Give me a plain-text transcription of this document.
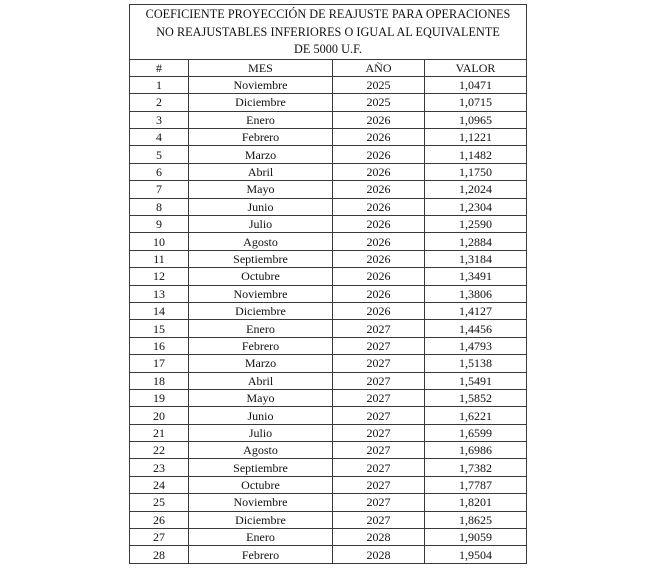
COEFICIENTE PROYECCIÓN DE REAJUSTE PARA OPERACIONES
NO REAJUSTABLES INFERIORES O IGUAL AL EQUIVALENTE
DE 5000 U.F.			

#	MES	AÑO	VALOR
1	Noviembre	2025	1,0471
2	Diciembre	2025	1,0715
3	Enero	2026	1,0965
4	Febrero	2026	1,1221
5	Marzo	2026	1,1482
6	Abril	2026	1,1750
7	Mayo	2026	1,2024
8	Junio	2026	1,2304
9	Julio	2026	1,2590
10	Agosto	2026	1,2884
11	Septiembre	2026	1,3184
12	Octubre	2026	1,3491
13	Noviembre	2026	1,3806
14	Diciembre	2026	1,4127
15	Enero	2027	1,4456
16	Febrero	2027	1,4793
17	Marzo	2027	1,5138
18	Abril	2027	1,5491
19	Mayo	2027	1,5852
20	Junio	2027	1,6221
21	Julio	2027	1,6599
22	Agosto	2027	1,6986
23	Septiembre	2027	1,7382
24	Octubre	2027	1,7787
25	Noviembre	2027	1,8201
26	Diciembre	2027	1,8625
27	Enero	2028	1,9059
28	Febrero	2028	1,9504
